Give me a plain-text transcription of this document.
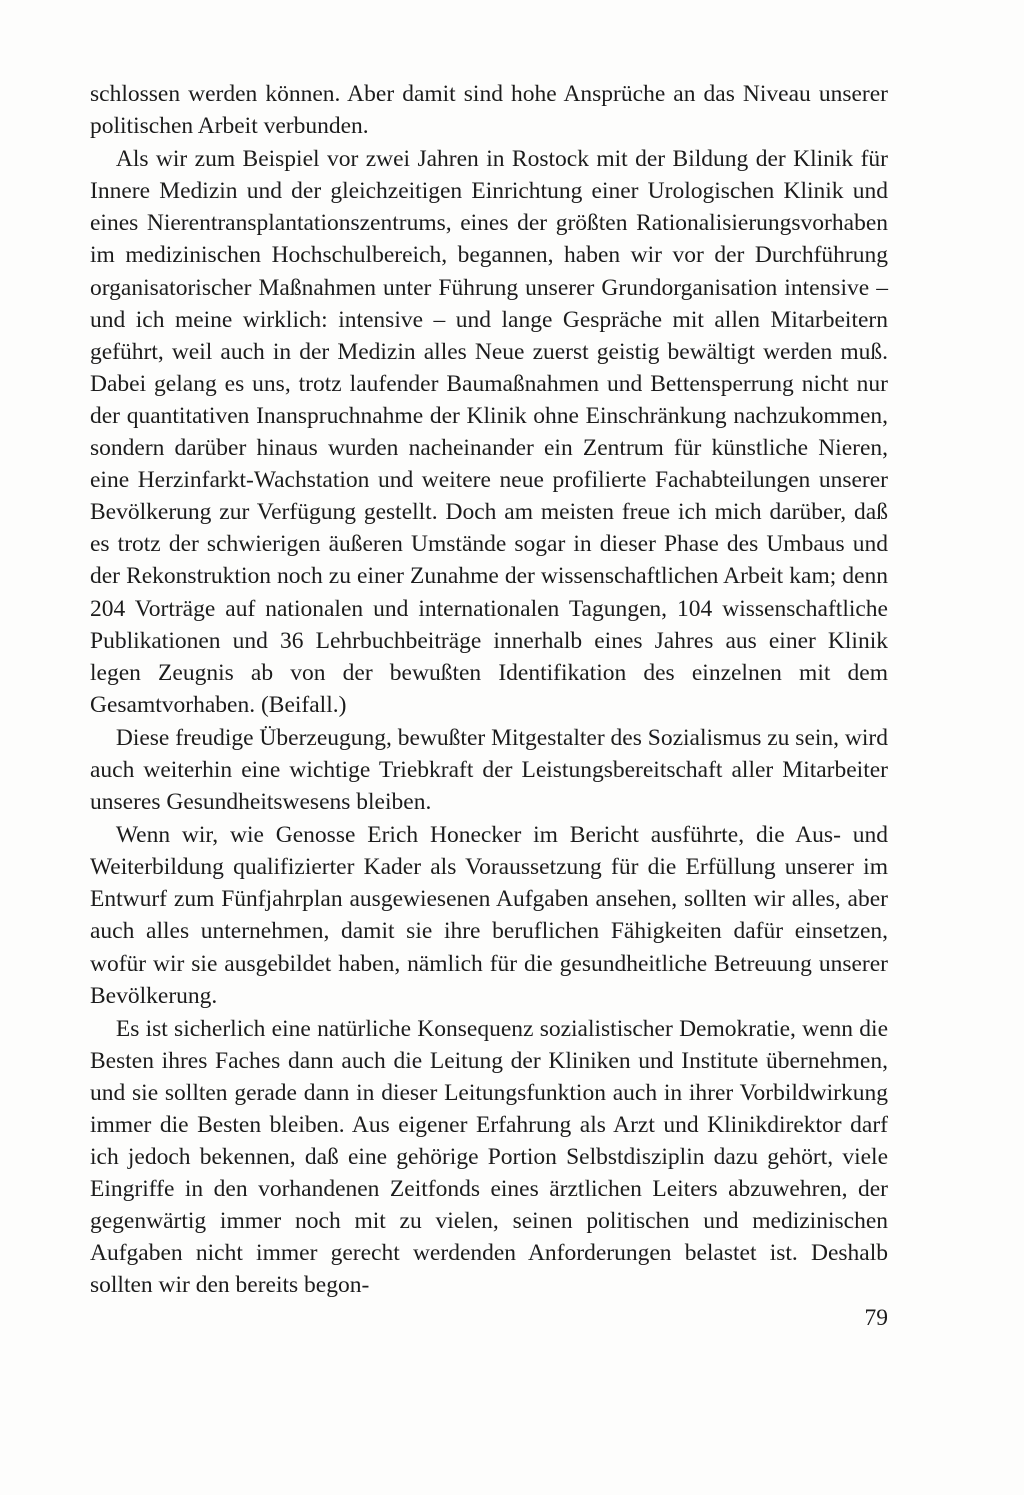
schlossen werden können. Aber damit sind hohe Ansprüche an das Niveau unserer politischen Arbeit verbunden.

Als wir zum Beispiel vor zwei Jahren in Rostock mit der Bildung der Klinik für Innere Medizin und der gleichzeitigen Einrichtung einer Urologischen Klinik und eines Nierentransplantationszentrums, eines der größten Rationalisierungsvorhaben im medizinischen Hochschulbereich, begannen, haben wir vor der Durchführung organisatorischer Maßnahmen unter Führung unserer Grundorganisation intensive – und ich meine wirklich: intensive – und lange Gespräche mit allen Mitarbeitern geführt, weil auch in der Medizin alles Neue zuerst geistig bewältigt werden muß. Dabei gelang es uns, trotz laufender Baumaßnahmen und Bettensperrung nicht nur der quantitativen Inanspruchnahme der Klinik ohne Einschränkung nachzukommen, sondern darüber hinaus wurden nacheinander ein Zentrum für künstliche Nieren, eine Herzinfarkt-Wachstation und weitere neue profilierte Fachabteilungen unserer Bevölkerung zur Verfügung gestellt. Doch am meisten freue ich mich darüber, daß es trotz der schwierigen äußeren Umstände sogar in dieser Phase des Umbaus und der Rekonstruktion noch zu einer Zunahme der wissenschaftlichen Arbeit kam; denn 204 Vorträge auf nationalen und internationalen Tagungen, 104 wissenschaftliche Publikationen und 36 Lehrbuchbeiträge innerhalb eines Jahres aus einer Klinik legen Zeugnis ab von der bewußten Identifikation des einzelnen mit dem Gesamtvorhaben. (Beifall.)

Diese freudige Überzeugung, bewußter Mitgestalter des Sozialismus zu sein, wird auch weiterhin eine wichtige Triebkraft der Leistungsbereitschaft aller Mitarbeiter unseres Gesundheitswesens bleiben.

Wenn wir, wie Genosse Erich Honecker im Bericht ausführte, die Aus- und Weiterbildung qualifizierter Kader als Voraussetzung für die Erfüllung unserer im Entwurf zum Fünfjahrplan ausgewiesenen Aufgaben ansehen, sollten wir alles, aber auch alles unternehmen, damit sie ihre beruflichen Fähigkeiten dafür einsetzen, wofür wir sie ausgebildet haben, nämlich für die gesundheitliche Betreuung unserer Bevölkerung.

Es ist sicherlich eine natürliche Konsequenz sozialistischer Demokratie, wenn die Besten ihres Faches dann auch die Leitung der Kliniken und Institute übernehmen, und sie sollten gerade dann in dieser Leitungsfunktion auch in ihrer Vorbildwirkung immer die Besten bleiben. Aus eigener Erfahrung als Arzt und Klinikdirektor darf ich jedoch bekennen, daß eine gehörige Portion Selbstdisziplin dazu gehört, viele Eingriffe in den vorhandenen Zeitfonds eines ärztlichen Leiters abzuwehren, der gegenwärtig immer noch mit zu vielen, seinen politischen und medizinischen Aufgaben nicht immer gerecht werdenden Anforderungen belastet ist. Deshalb sollten wir den bereits begon-

79
